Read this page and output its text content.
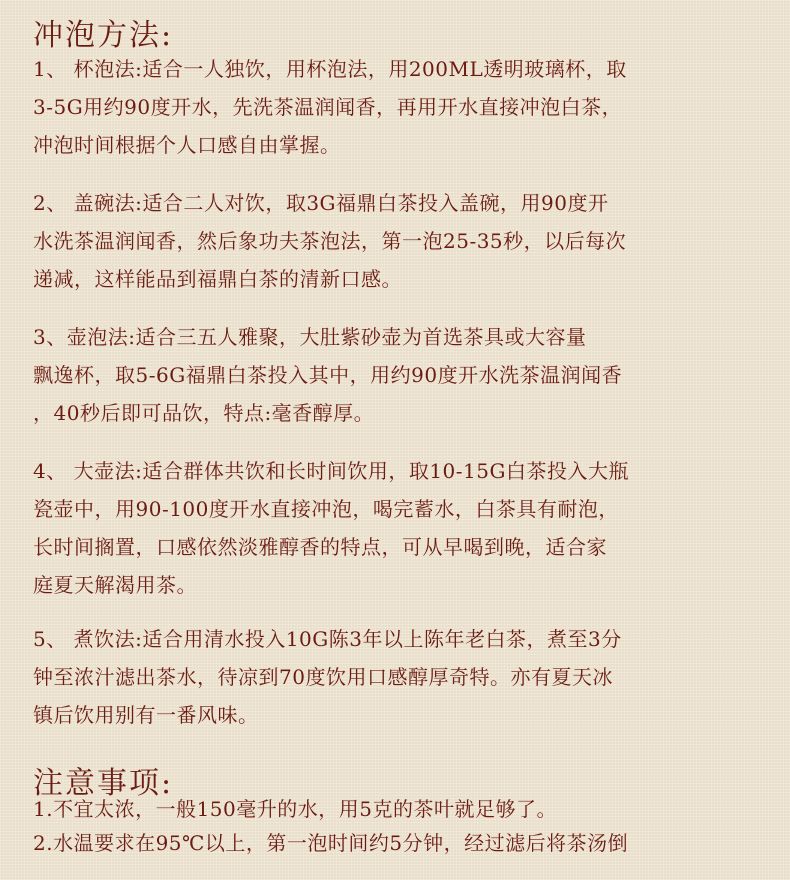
冲泡方法:
1、 杯泡法:适合一人独饮，用杯泡法，用200ML透明玻璃杯，取
3-5G用约90度开水，先洗茶温润闻香，再用开水直接冲泡白茶，
冲泡时间根据个人口感自由掌握。
2、 盖碗法:适合二人对饮，取3G福鼎白茶投入盖碗，用90度开
水洗茶温润闻香，然后象功夫茶泡法，第一泡25-35秒，以后每次
递减，这样能品到福鼎白茶的清新口感。
3、壶泡法:适合三五人雅聚，大肚紫砂壶为首选茶具或大容量
飘逸杯，取5-6G福鼎白茶投入其中，用约90度开水洗茶温润闻香
，40秒后即可品饮，特点:毫香醇厚。
4、 大壶法:适合群体共饮和长时间饮用，取10-15G白茶投入大瓶
瓷壶中，用90-100度开水直接冲泡，喝完蓄水，白茶具有耐泡，
长时间搁置，口感依然淡雅醇香的特点，可从早喝到晚，适合家
庭夏天解渴用茶。
5、 煮饮法:适合用清水投入10G陈3年以上陈年老白茶，煮至3分
钟至浓汁滤出茶水，待凉到70度饮用口感醇厚奇特。亦有夏天冰
镇后饮用别有一番风味。
注意事项:
1.不宜太浓，一般150毫升的水，用5克的茶叶就足够了。
2.水温要求在95℃以上，第一泡时间约5分钟，经过滤后将茶汤倒
